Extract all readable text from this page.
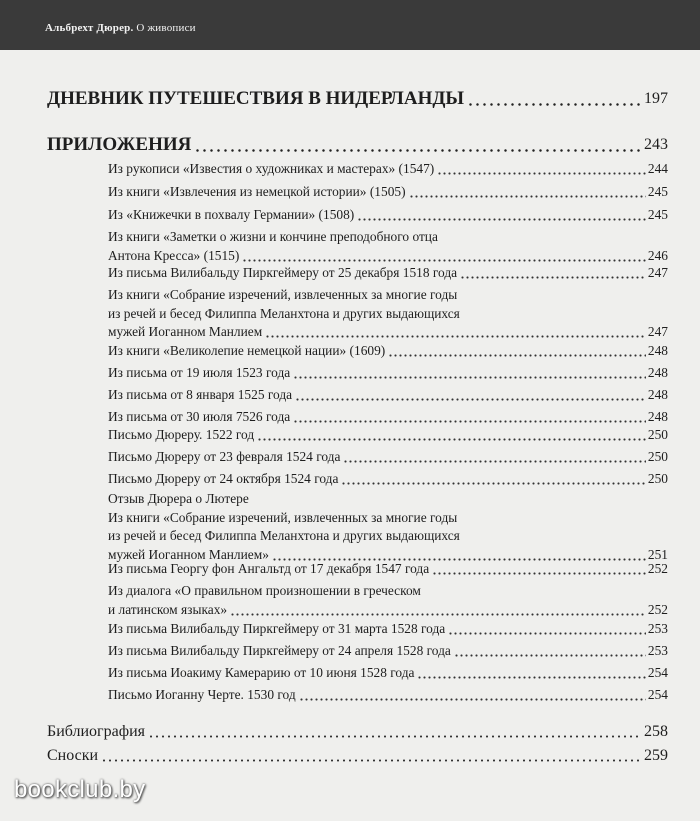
Альбрехт Дюрер. О живописи
ДНЕВНИК ПУТЕШЕСТВИЯ В НИДЕРЛАНДЫ	197
ПРИЛОЖЕНИЯ	243
Из рукописи «Известия о художниках и мастерах» (1547)	244
Из книги «Извлечения из немецкой истории» (1505)	245
Из «Книжечки в похвалу Германии» (1508)	245
Из книги «Заметки о жизни и кончине преподобного отца
Антона Кресса» (1515)	246
Из письма Вилибальду Пиркгеймеру от 25 декабря 1518 года	247
Из книги «Собрание изречений, извлеченных за многие годы
из речей и бесед Филиппа Меланхтона и других выдающихся
мужей Иоганном Манлием	247
Из книги «Великолепие немецкой нации» (1609)	248
Из письма от 19 июля 1523 года	248
Из письма от 8 января 1525 года	248
Из письма от 30 июля 7526 года	248
Письмо Дюреру. 1522 год	250
Письмо Дюреру от 23 февраля 1524 года	250
Письмо Дюреру от 24 октября 1524 года	250
Отзыв Дюрера о Лютере
Из книги «Собрание изречений, извлеченных за многие годы
из речей и бесед Филиппа Меланхтона и других выдающихся
мужей Иоганном Манлием»	251
Из письма Георгу фон Ангальтд от 17 декабря 1547 года	252
Из диалога «О правильном произношении в греческом
и латинском языках»	252
Из письма Вилибальду Пиркгеймеру от 31 марта 1528 года	253
Из письма Вилибальду Пиркгеймеру от 24 апреля 1528 года	253
Из письма Иоакиму Камерарию от 10 июня 1528 года	254
Письмо Иоганну Черте. 1530 год	254
Библиография	258
Сноски	259
bookclub.by
